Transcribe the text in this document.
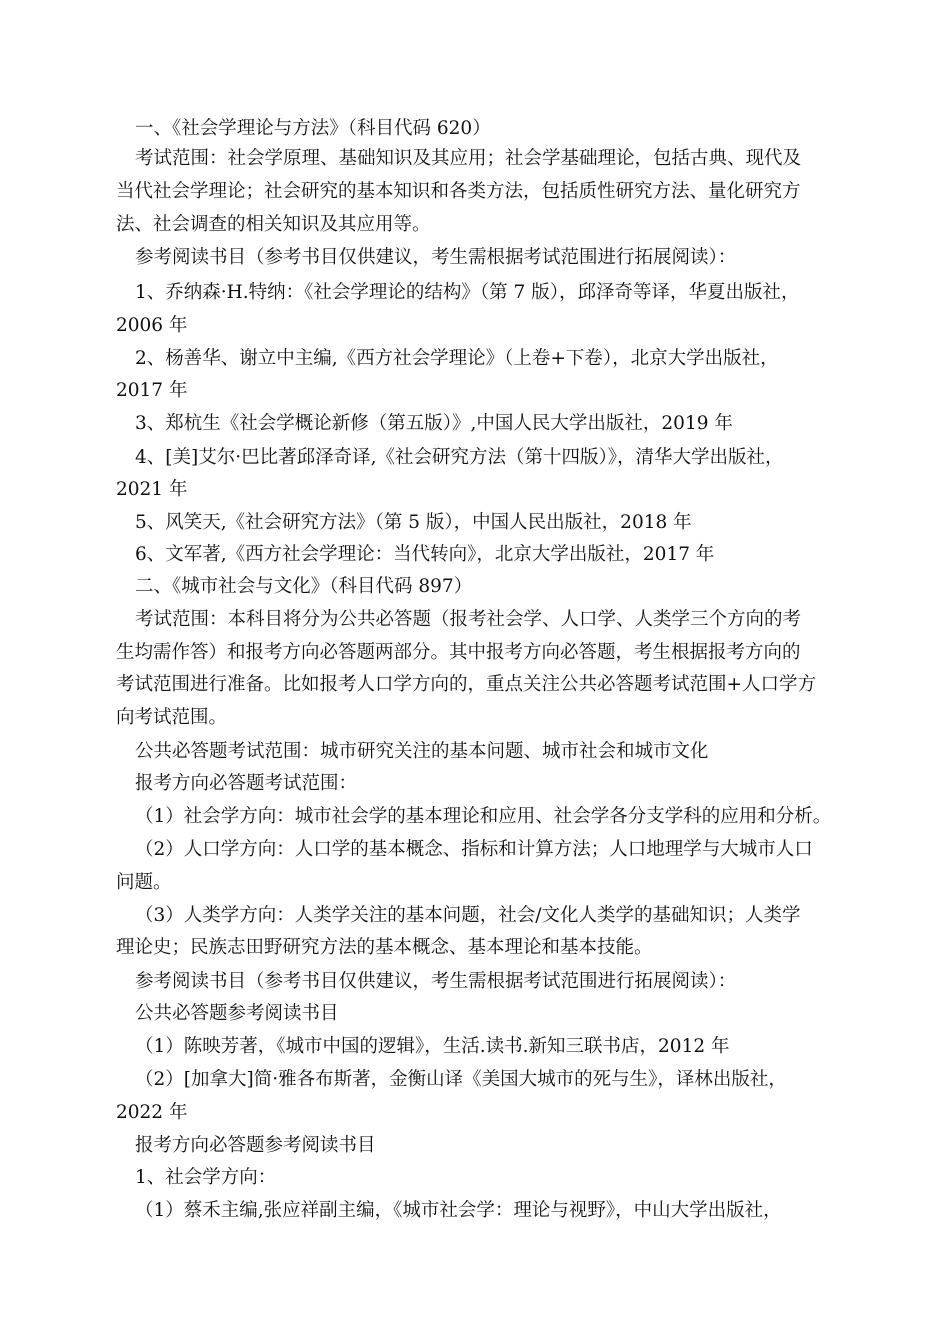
一、《社会学理论与方法》（科目代码 620）
考试范围：社会学原理、基础知识及其应用；社会学基础理论，包括古典、现代及
当代社会学理论；社会研究的基本知识和各类方法，包括质性研究方法、量化研究方
法、社会调查的相关知识及其应用等。
参考阅读书目（参考书目仅供建议，考生需根据考试范围进行拓展阅读）：
1、乔纳森·H.特纳：《社会学理论的结构》（第 7 版），邱泽奇等译，华夏出版社，
2006 年
2、杨善华、谢立中主编,《西方社会学理论》（上卷+下卷），北京大学出版社，
2017 年
3、郑杭生《社会学概论新修（第五版）》,中国人民大学出版社，2019 年
4、[美]艾尔·巴比著邱泽奇译,《社会研究方法（第十四版）》，清华大学出版社，
2021 年
5、风笑天,《社会研究方法》（第 5 版），中国人民出版社，2018 年
6、文军著,《西方社会学理论：当代转向》，北京大学出版社，2017 年
二、《城市社会与文化》（科目代码 897）
考试范围：本科目将分为公共必答题（报考社会学、人口学、人类学三个方向的考
生均需作答）和报考方向必答题两部分。其中报考方向必答题，考生根据报考方向的
考试范围进行准备。比如报考人口学方向的，重点关注公共必答题考试范围+人口学方
向考试范围。
公共必答题考试范围：城市研究关注的基本问题、城市社会和城市文化
报考方向必答题考试范围：
（1）社会学方向：城市社会学的基本理论和应用、社会学各分支学科的应用和分析。
（2）人口学方向：人口学的基本概念、指标和计算方法；人口地理学与大城市人口
问题。
（3）人类学方向：人类学关注的基本问题，社会/文化人类学的基础知识；人类学
理论史；民族志田野研究方法的基本概念、基本理论和基本技能。
参考阅读书目（参考书目仅供建议，考生需根据考试范围进行拓展阅读）：
公共必答题参考阅读书目
（1）陈映芳著，《城市中国的逻辑》，生活.读书.新知三联书店，2012 年
（2）[加拿大]简·雅各布斯著，金衡山译《美国大城市的死与生》，译林出版社，
2022 年
报考方向必答题参考阅读书目
1、社会学方向：
（1）蔡禾主编,张应祥副主编，《城市社会学：理论与视野》，中山大学出版社，
